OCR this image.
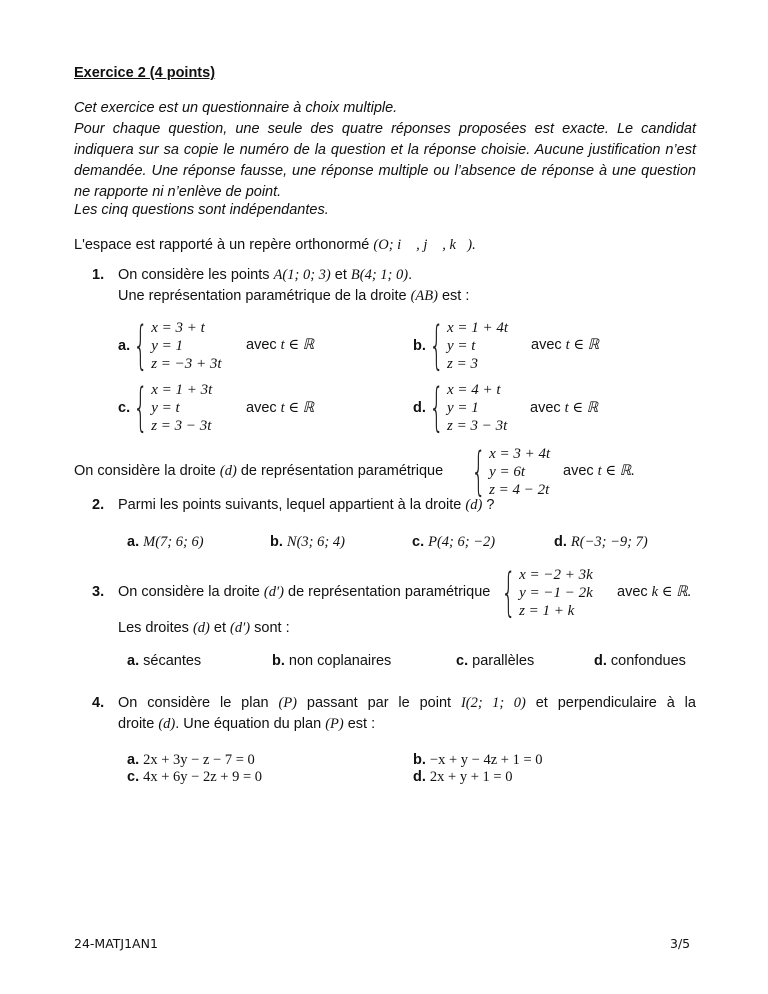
Exercice 2 (4 points)

Cet exercice est un questionnaire à choix multiple.

Pour chaque question, une seule des quatre réponses proposées est exacte. Le candidat indiquera sur sa copie le numéro de la question et la réponse choisie. Aucune justification n’est demandée. Une réponse fausse, une réponse multiple ou l’absence de réponse à une question ne rapporte ni n’enlève de point.

Les cinq questions sont indépendantes.
L'espace est rapporté à un repère orthonormé (O; i⃗ , j⃗ , k⃗).
1. On considère les points A(1; 0; 3) et B(4; 1; 0).
Une représentation paramétrique de la droite (AB) est :
a. { x = 3 + t
y = 1
z = −3 + 3t
avec t ∈ ℝ	b. { x = 1 + 4t
y = t
z = 3
avec t ∈ ℝ
c. { x = 1 + 3t
y = t
z = 3 − 3t
avec t ∈ ℝ	d. { x = 4 + t
y = 1
z = 3 − 3t
avec t ∈ ℝ
On considère la droite (d) de représentation paramétrique { x = 3 + 4t
y = 6t
z = 4 − 2t
avec t ∈ ℝ.
2. Parmi les points suivants, lequel appartient à la droite (d) ?
a. M(7; 6; 6)	b. N(3; 6; 4)	c. P(4; 6; −2)	d. R(−3; −9; 7)
3. On considère la droite (d′) de représentation paramétrique { x = −2 + 3k
y = −1 − 2k
z = 1 + k
avec k ∈ ℝ.
Les droites (d) et (d′) sont :
a. sécantes	b. non coplanaires	c. parallèles	d. confondues
4. On considère le plan (P) passant par le point I(2; 1; 0) et perpendiculaire à la
droite (d). Une équation du plan (P) est :
a. 2x + 3y − z − 7 = 0	b. −x + y − 4z + 1 = 0
c. 4x + 6y − 2z + 9 = 0	d. 2x + y + 1 = 0
24-MATJ1AN1	3/5
